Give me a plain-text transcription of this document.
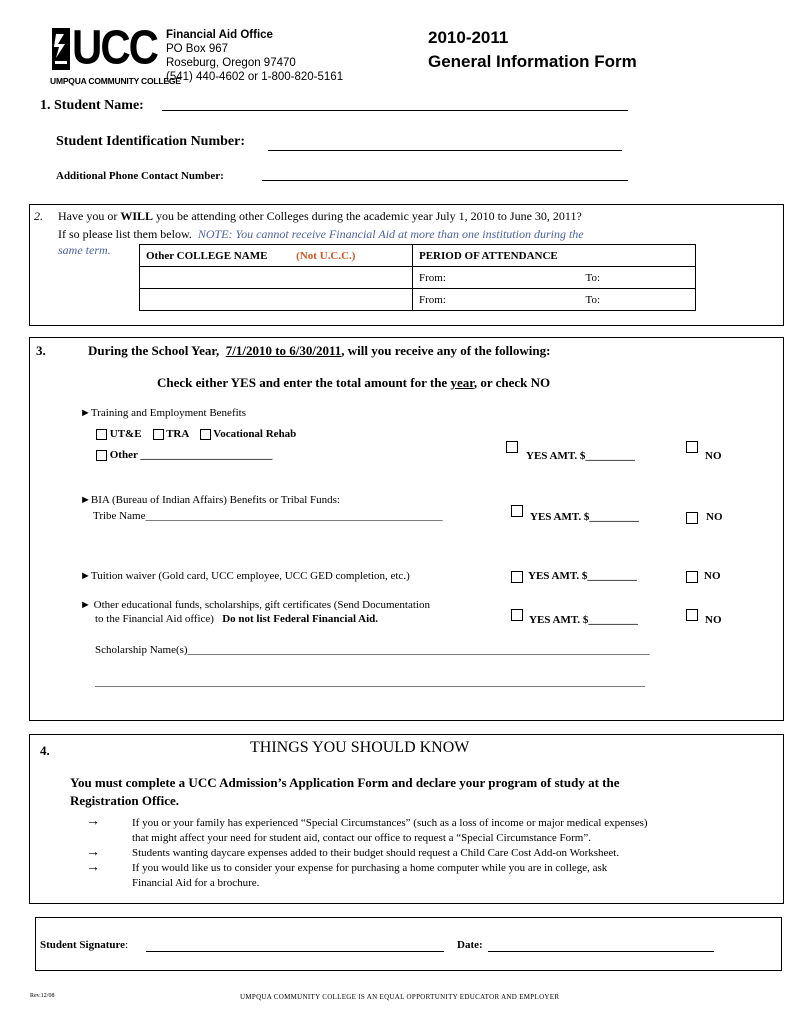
UCC
UMPQUA COMMUNITY COLLEGE
Financial Aid Office
PO Box 967
Roseburg, Oregon 97470
(541) 440-4602 or 1-800-820-5161
2010-2011
General Information Form
1. Student Name:
Student Identification Number:
Additional Phone Contact Number:
2. Have you or WILL you be attending other Colleges during the academic year July 1, 2010 to June 30, 2011?
If so please list them below. NOTE: You cannot receive Financial Aid at more than one institution during the
same term.	Other COLLEGE NAME (Not U.C.C.)	PERIOD OF ATTENDANCE
	From: To:

	From: To:
3.	During the School Year, 7/1/2010 to 6/30/2011, will you receive any of the following:
Check either YES and enter the total amount for the year, or check NO
►Training and Employment Benefits
UT&E TRA Vocational Rehab
Other ________________________	YES AMT. $_________	NO
►BIA (Bureau of Indian Affairs) Benefits or Tribal Funds:
Tribe Name______________________________________________________	YES AMT. $_________	NO
►Tuition waiver (Gold card, UCC employee, UCC GED completion, etc.)	YES AMT. $_________	NO
► Other educational funds, scholarships, gift certificates (Send Documentation
to the Financial Aid office) Do not list Federal Financial Aid.	YES AMT. $_________	NO
Scholarship Name(s)____________________________________________________________________________________
____________________________________________________________________________________________________
4.	THINGS YOU SHOULD KNOW
You must complete a UCC Admission’s Application Form and declare your program of study at the
Registration Office.
→	If you or your family has experienced “Special Circumstances” (such as a loss of income or major medical expenses)
that might affect your need for student aid, contact our office to request a “Special Circumstance Form”.
→	Students wanting daycare expenses added to their budget should request a Child Care Cost Add-on Worksheet.
→	If you would like us to consider your expense for purchasing a home computer while you are in college, ask
Financial Aid for a brochure.
Student Signature:	Date:
Rev.12/08	UMPQUA COMMUNITY COLLEGE IS AN EQUAL OPPORTUNITY EDUCATOR AND EMPLOYER
